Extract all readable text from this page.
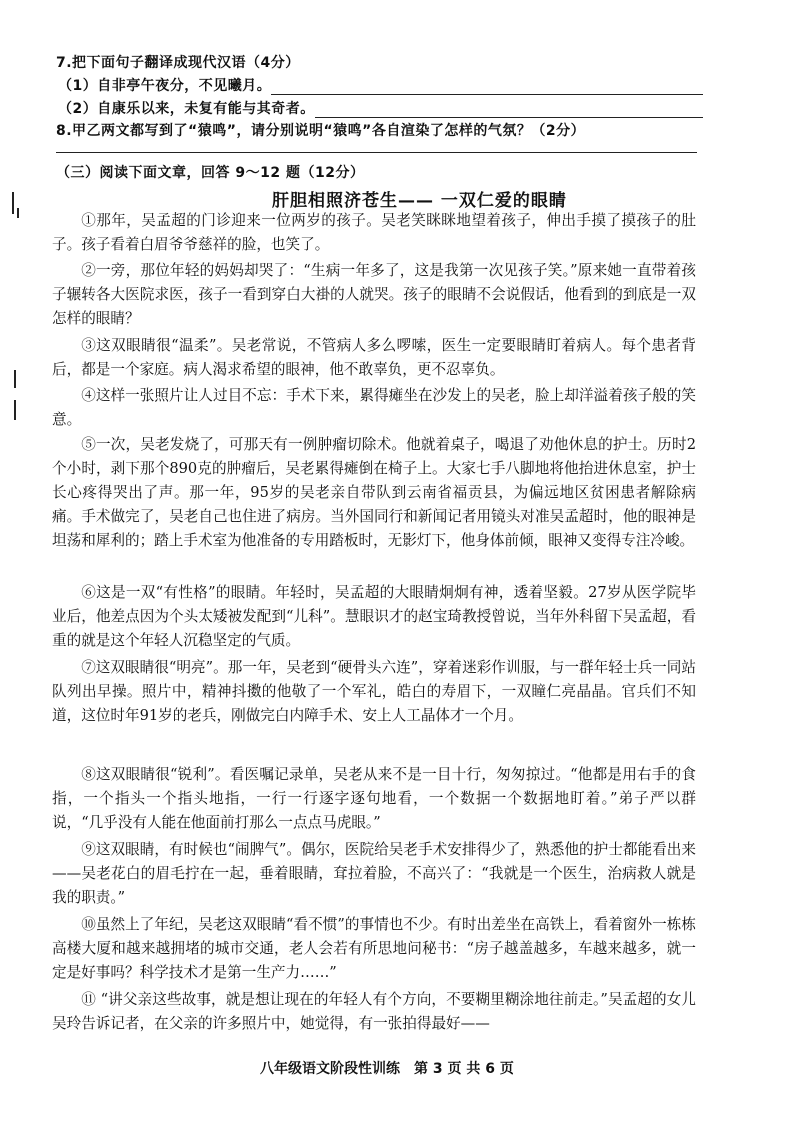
7.把下面句子翻译成现代汉语（4分）
（1）自非亭午夜分，不见曦月。
（2）自康乐以来，未复有能与其奇者。
8.甲乙两文都写到了“猿鸣”，请分别说明“猿鸣”各自渲染了怎样的气氛？（2分）
（三）阅读下面文章，回答 9～12 题（12分）
肝胆相照济苍生—— 一双仁爱的眼睛

①那年，吴孟超的门诊迎来一位两岁的孩子。吴老笑眯眯地望着孩子，伸出手摸了摸孩子的肚子。孩子看着白眉爷爷慈祥的脸，也笑了。

②一旁，那位年轻的妈妈却哭了：“生病一年多了，这是我第一次见孩子笑。”原来她一直带着孩子辗转各大医院求医，孩子一看到穿白大褂的人就哭。孩子的眼睛不会说假话，他看到的到底是一双怎样的眼睛？

③这双眼睛很“温柔”。吴老常说，不管病人多么啰嗦，医生一定要眼睛盯着病人。每个患者背后，都是一个家庭。病人渴求希望的眼神，他不敢辜负，更不忍辜负。

④这样一张照片让人过目不忘：手术下来，累得瘫坐在沙发上的吴老，脸上却洋溢着孩子般的笑意。

⑤一次，吴老发烧了，可那天有一例肿瘤切除术。他就着桌子，喝退了劝他休息的护士。历时2个小时，剥下那个890克的肿瘤后，吴老累得瘫倒在椅子上。大家七手八脚地将他抬进休息室，护士长心疼得哭出了声。那一年，95岁的吴老亲自带队到云南省福贡县，为偏远地区贫困患者解除病痛。手术做完了，吴老自己也住进了病房。当外国同行和新闻记者用镜头对准吴孟超时，他的眼神是坦荡和犀利的；踏上手术室为他准备的专用踏板时，无影灯下，他身体前倾，眼神又变得专注冷峻。

⑥这是一双“有性格”的眼睛。年轻时，吴孟超的大眼睛炯炯有神，透着坚毅。27岁从医学院毕业后，他差点因为个头太矮被发配到“儿科”。慧眼识才的赵宝琦教授曾说，当年外科留下吴孟超，看重的就是这个年轻人沉稳坚定的气质。

⑦这双眼睛很“明亮”。那一年，吴老到“硬骨头六连”，穿着迷彩作训服，与一群年轻士兵一同站队列出早操。照片中，精神抖擞的他敬了一个军礼，皓白的寿眉下，一双瞳仁亮晶晶。官兵们不知道，这位时年91岁的老兵，刚做完白内障手术、安上人工晶体才一个月。

⑧这双眼睛很“锐利”。看医嘱记录单，吴老从来不是一目十行，匆匆掠过。“他都是用右手的食指，一个指头一个指头地指，一行一行逐字逐句地看，一个数据一个数据地盯着。”弟子严以群说，“几乎没有人能在他面前打那么一点点马虎眼。”

⑨这双眼睛，有时候也“闹脾气”。偶尔，医院给吴老手术安排得少了，熟悉他的护士都能看出来——吴老花白的眉毛拧在一起，垂着眼睛，耷拉着脸，不高兴了：“我就是一个医生，治病救人就是我的职责。”

⑩虽然上了年纪，吴老这双眼睛“看不惯”的事情也不少。有时出差坐在高铁上，看着窗外一栋栋高楼大厦和越来越拥堵的城市交通，老人会若有所思地问秘书：“房子越盖越多，车越来越多，就一定是好事吗？科学技术才是第一生产力……”

⑪ “讲父亲这些故事，就是想让现在的年轻人有个方向，不要糊里糊涂地往前走。”吴孟超的女儿吴玲告诉记者，在父亲的许多照片中，她觉得，有一张拍得最好——

八年级语文阶段性训练　第 3 页 共 6 页
